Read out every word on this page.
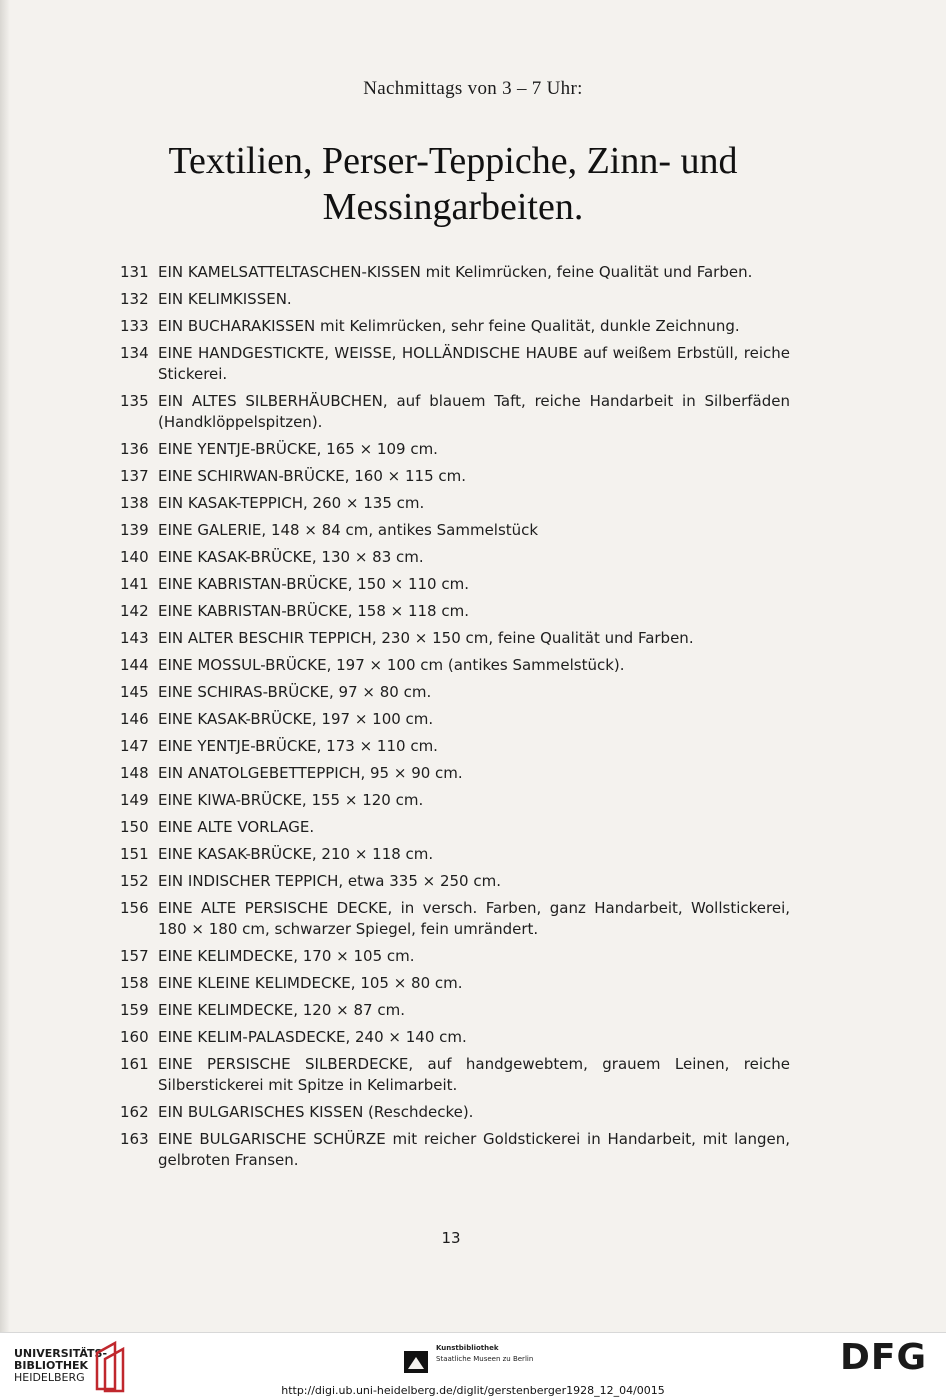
Nachmittags von 3 – 7 Uhr:
Textilien, Perser-Teppiche, Zinn- und
Messingarbeiten.
131 EIN KAMELSATTELTASCHEN-KISSEN mit Kelimrücken, feine Qualität und Farben.
132 EIN KELIMKISSEN.
133 EIN BUCHARAKISSEN mit Kelimrücken, sehr feine Qualität, dunkle Zeichnung.
134 EINE HANDGESTICKTE, WEISSE, HOLLÄNDISCHE HAUBE auf weißem Erbstüll, reiche Stickerei.
135 EIN ALTES SILBERHÄUBCHEN, auf blauem Taft, reiche Handarbeit in Silberfäden (Handklöppelspitzen).
136 EINE YENTJE-BRÜCKE, 165 × 109 cm.
137 EINE SCHIRWAN-BRÜCKE, 160 × 115 cm.
138 EIN KASAK-TEPPICH, 260 × 135 cm.
139 EINE GALERIE, 148 × 84 cm, antikes Sammelstück
140 EINE KASAK-BRÜCKE, 130 × 83 cm.
141 EINE KABRISTAN-BRÜCKE, 150 × 110 cm.
142 EINE KABRISTAN-BRÜCKE, 158 × 118 cm.
143 EIN ALTER BESCHIR TEPPICH, 230 × 150 cm, feine Qualität und Farben.
144 EINE MOSSUL-BRÜCKE, 197 × 100 cm (antikes Sammelstück).
145 EINE SCHIRAS-BRÜCKE, 97 × 80 cm.
146 EINE KASAK-BRÜCKE, 197 × 100 cm.
147 EINE YENTJE-BRÜCKE, 173 × 110 cm.
148 EIN ANATOLGEBETTEPPICH, 95 × 90 cm.
149 EINE KIWA-BRÜCKE, 155 × 120 cm.
150 EINE ALTE VORLAGE.
151 EINE KASAK-BRÜCKE, 210 × 118 cm.
152 EIN INDISCHER TEPPICH, etwa 335 × 250 cm.
156 EINE ALTE PERSISCHE DECKE, in versch. Farben, ganz Handarbeit, Wollstickerei, 180 × 180 cm, schwarzer Spiegel, fein umrändert.
157 EINE KELIMDECKE, 170 × 105 cm.
158 EINE KLEINE KELIMDECKE, 105 × 80 cm.
159 EINE KELIMDECKE, 120 × 87 cm.
160 EINE KELIM-PALASDECKE, 240 × 140 cm.
161 EINE PERSISCHE SILBERDECKE, auf handgewebtem, grauem Leinen, reiche Silberstickerei mit Spitze in Kelimarbeit.
162 EIN BULGARISCHES KISSEN (Reschdecke).
163 EINE BULGARISCHE SCHÜRZE mit reicher Goldstickerei in Handarbeit, mit langen, gelbroten Fransen.
13
UNIVERSITÄTS-
BIBLIOTHEK
HEIDELBERG
Kunstbibliothek
Staatliche Museen zu Berlin	DFG
http://digi.ub.uni-heidelberg.de/diglit/gerstenberger1928_12_04/0015
